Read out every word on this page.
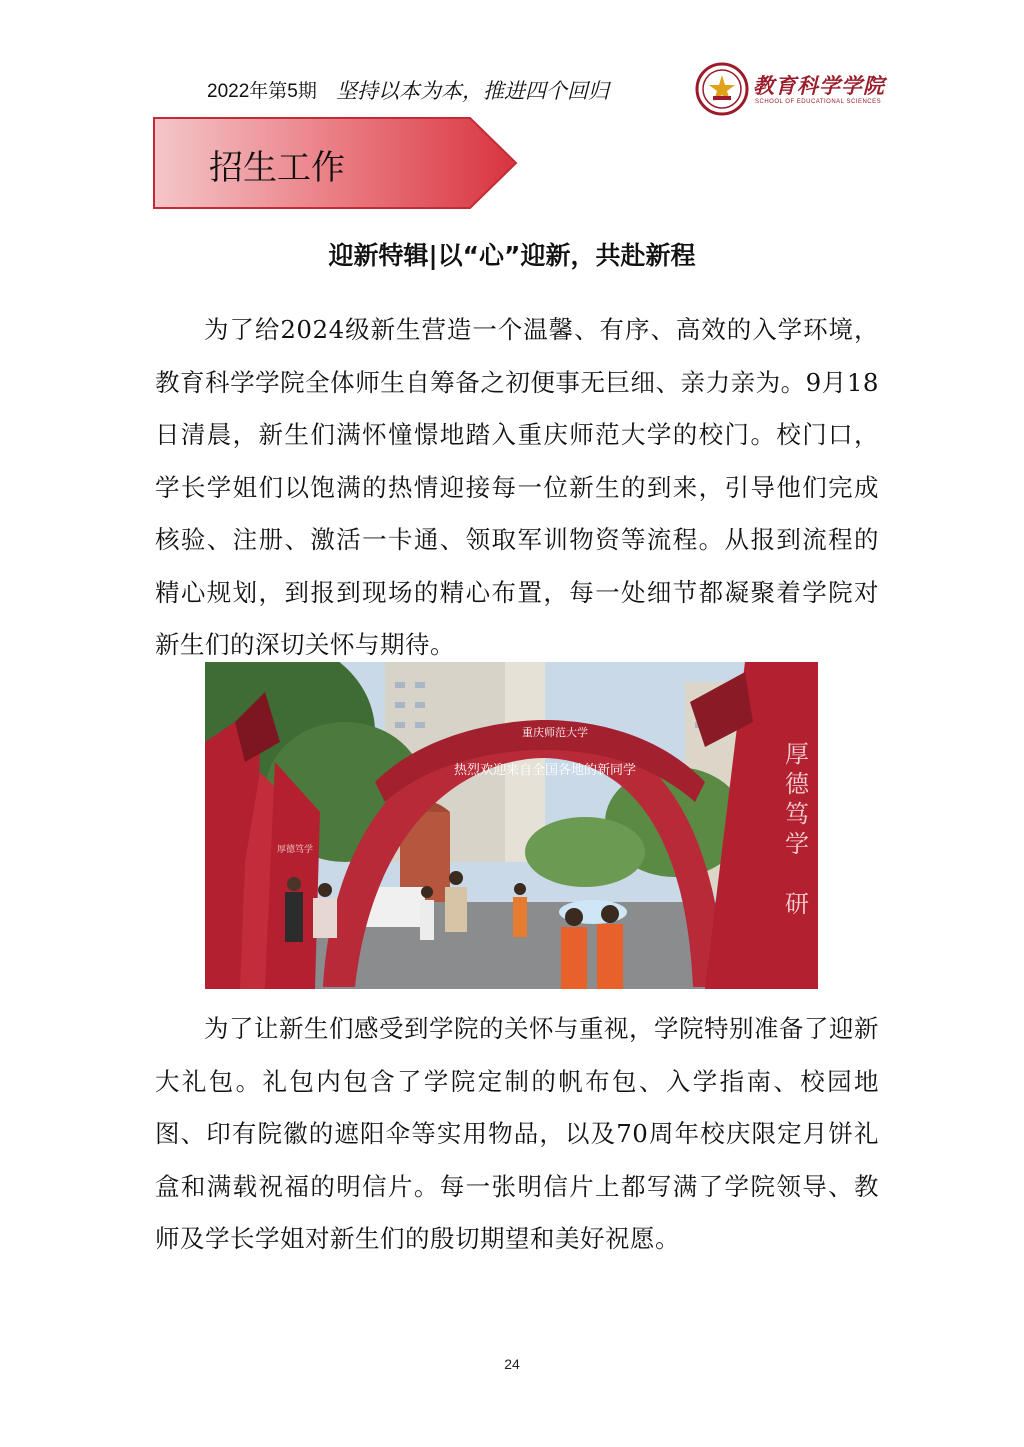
2022年第5期 坚持以本为本，推进四个回归	教育科学学院
SCHOOL OF EDUCATIONAL SCIENCES
招生工作
迎新特辑|以“心”迎新，共赴新程

为了给2024级新生营造一个温馨、有序、高效的入学环境，教育科学学院全体师生自筹备之初便事无巨细、亲力亲为。9月18日清晨，新生们满怀憧憬地踏入重庆师范大学的校门。校门口，学长学姐们以饱满的热情迎接每一位新生的到来，引导他们完成核验、注册、激活一卡通、领取军训物资等流程。从报到流程的精心规划，到报到现场的精心布置，每一处细节都凝聚着学院对新生们的深切关怀与期待。

热烈欢迎来自全国各地的新同学
重庆师范大学
厚
德
笃
学
研
厚德笃学

为了让新生们感受到学院的关怀与重视，学院特别准备了迎新大礼包。礼包内包含了学院定制的帆布包、入学指南、校园地图、印有院徽的遮阳伞等实用物品，以及70周年校庆限定月饼礼盒和满载祝福的明信片。每一张明信片上都写满了学院领导、教师及学长学姐对新生们的殷切期望和美好祝愿。

24
